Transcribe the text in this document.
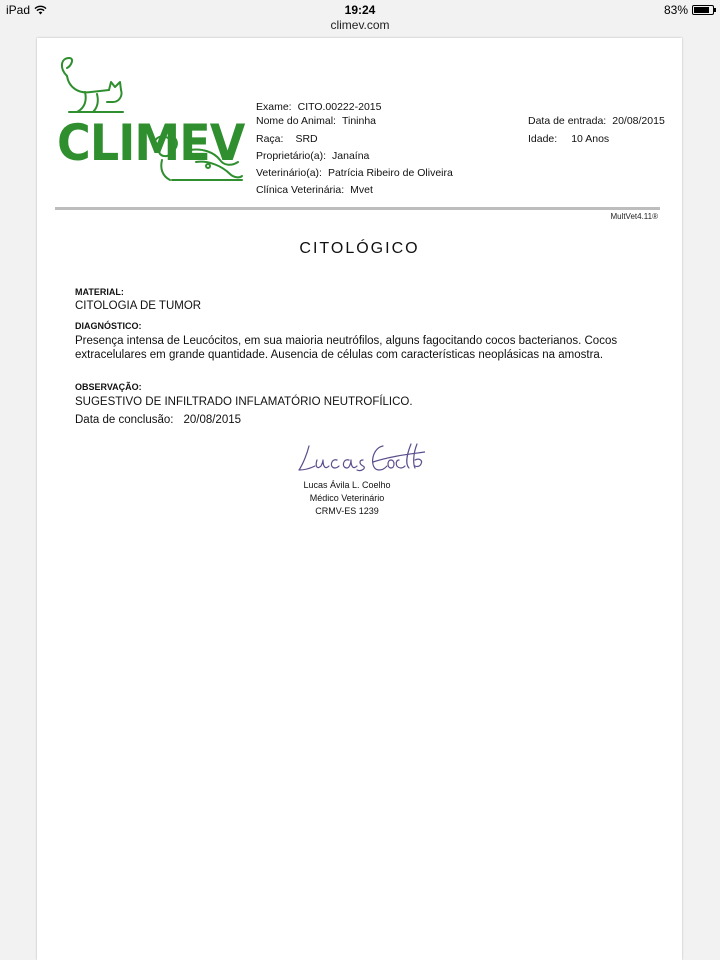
iPad	19:24	83%
climev.com
CLIMEV
Exame: CITO.00222-2015
Nome do Animal: Tininha
Raça: SRD
Proprietário(a): Janaína
Veterinário(a): Patrícia Ribeiro de Oliveira
Clínica Veterinária: Mvet
Data de entrada: 20/08/2015
Idade: 10 Anos
MultVet4.11®
CITOLÓGICO
MATERIAL:
CITOLOGIA DE TUMOR
DIAGNÓSTICO:
Presença intensa de Leucócitos, em sua maioria neutrófilos, alguns fagocitando cocos bacterianos. Cocos extracelulares em grande quantidade. Ausencia de células com características neoplásicas na amostra.
OBSERVAÇÃO:
SUGESTIVO DE INFILTRADO INFLAMATÓRIO NEUTROFÍLICO.
Data de conclusão: 20/08/2015
Lucas Ávila L. Coelho
Médico Veterinário
CRMV-ES 1239
